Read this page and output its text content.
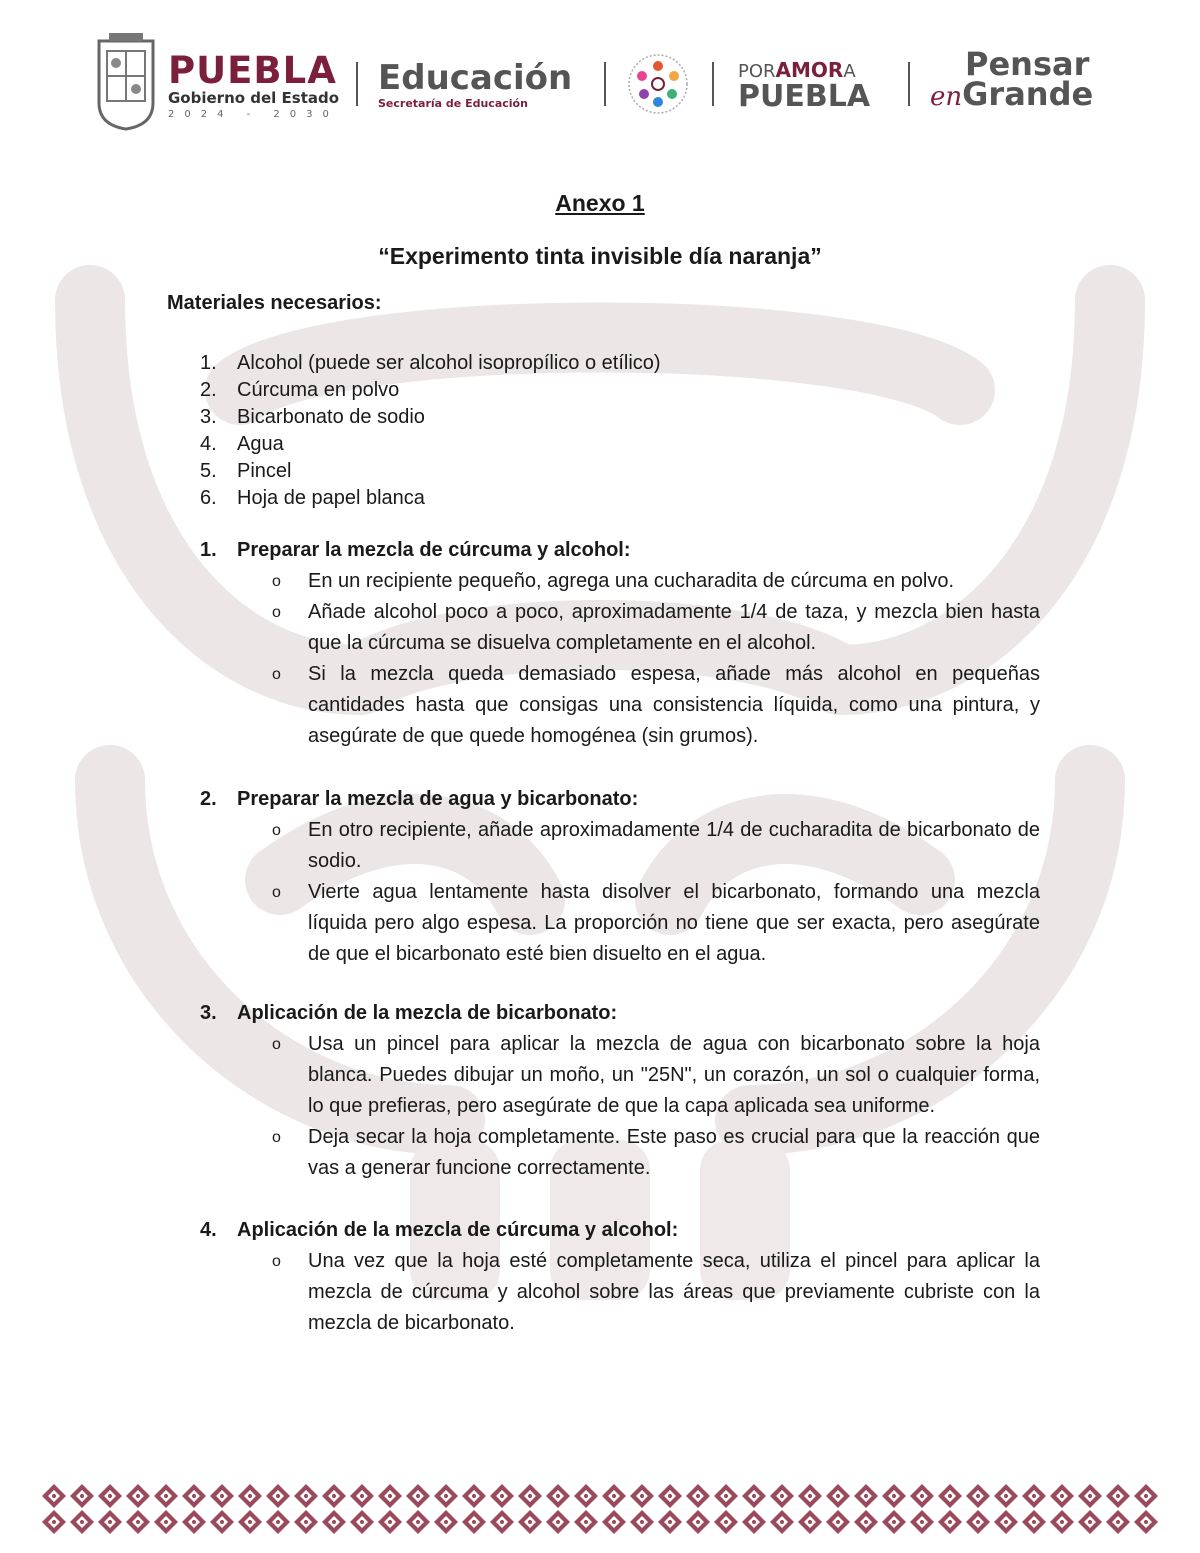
PUEBLA
Gobierno del Estado
2024 - 2030
Educación
Secretaría de Educación
PORAMORA
PUEBLA
Pensar
enGrande
Anexo 1
“Experimento tinta invisible día naranja”
Materiales necesarios:
1. Alcohol (puede ser alcohol isopropílico o etílico)
2. Cúrcuma en polvo
3. Bicarbonato de sodio
4. Agua
5. Pincel
6. Hoja de papel blanca
1. Preparar la mezcla de cúrcuma y alcohol:
o En un recipiente pequeño, agrega una cucharadita de cúrcuma en polvo.
o Añade alcohol poco a poco, aproximadamente 1/4 de taza, y mezcla bien hasta que la cúrcuma se disuelva completamente en el alcohol.
o Si la mezcla queda demasiado espesa, añade más alcohol en pequeñas cantidades hasta que consigas una consistencia líquida, como una pintura, y asegúrate de que quede homogénea (sin grumos).
2. Preparar la mezcla de agua y bicarbonato:
o En otro recipiente, añade aproximadamente 1/4 de cucharadita de bicarbonato de sodio.
o Vierte agua lentamente hasta disolver el bicarbonato, formando una mezcla líquida pero algo espesa. La proporción no tiene que ser exacta, pero asegúrate de que el bicarbonato esté bien disuelto en el agua.
3. Aplicación de la mezcla de bicarbonato:
o Usa un pincel para aplicar la mezcla de agua con bicarbonato sobre la hoja blanca. Puedes dibujar un moño, un "25N", un corazón, un sol o cualquier forma, lo que prefieras, pero asegúrate de que la capa aplicada sea uniforme.
o Deja secar la hoja completamente. Este paso es crucial para que la reacción que vas a generar funcione correctamente.
4. Aplicación de la mezcla de cúrcuma y alcohol:
o Una vez que la hoja esté completamente seca, utiliza el pincel para aplicar la mezcla de cúrcuma y alcohol sobre las áreas que previamente cubriste con la mezcla de bicarbonato.
